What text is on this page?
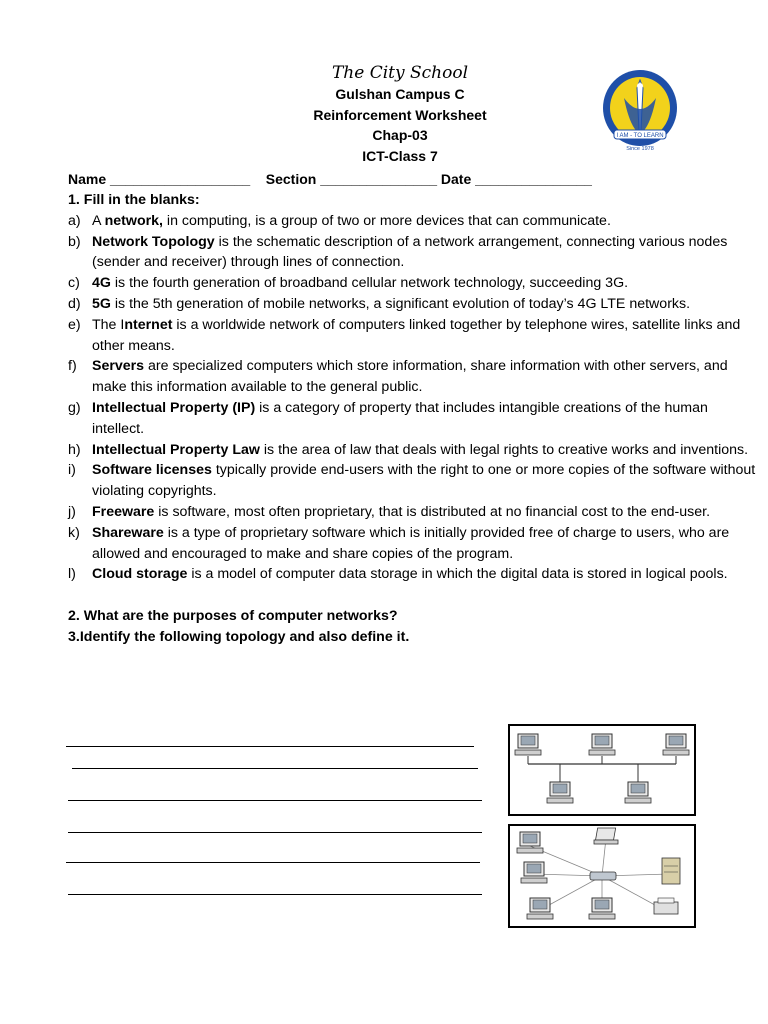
The City School
Gulshan Campus C
Reinforcement Worksheet
Chap-03
ICT-Class 7
I AM - TO LEARN
Since 1978
Name __________________ Section _______________ Date _______________
1. Fill in the blanks:
a) A network, in computing, is a group of two or more devices that can communicate.
b) Network Topology is the schematic description of a network arrangement, connecting various nodes (sender and receiver) through lines of connection.
c) 4G is the fourth generation of broadband cellular network technology, succeeding 3G.
d) 5G is the 5th generation of mobile networks, a significant evolution of today’s 4G LTE networks.
e) The Internet is a worldwide network of computers linked together by telephone wires, satellite links and other means.
f)	Servers are specialized computers which store information, share information with other servers, and make this information available to the general public.
g) Intellectual Property (IP) is a category of property that includes intangible creations of the human intellect.
h) Intellectual Property Law is the area of law that deals with legal rights to creative works and inventions.
i)	Software licenses typically provide end-users with the right to one or more copies of the software without violating copyrights.
j)	Freeware is software, most often proprietary, that is distributed at no financial cost to the end-user.
k) Shareware is a type of proprietary software which is initially provided free of charge to users, who are allowed and encouraged to make and share copies of the program.
l)	Cloud storage is a model of computer data storage in which the digital data is stored in logical pools.
2. What are the purposes of computer networks?
3.Identify the following topology and also define it.
